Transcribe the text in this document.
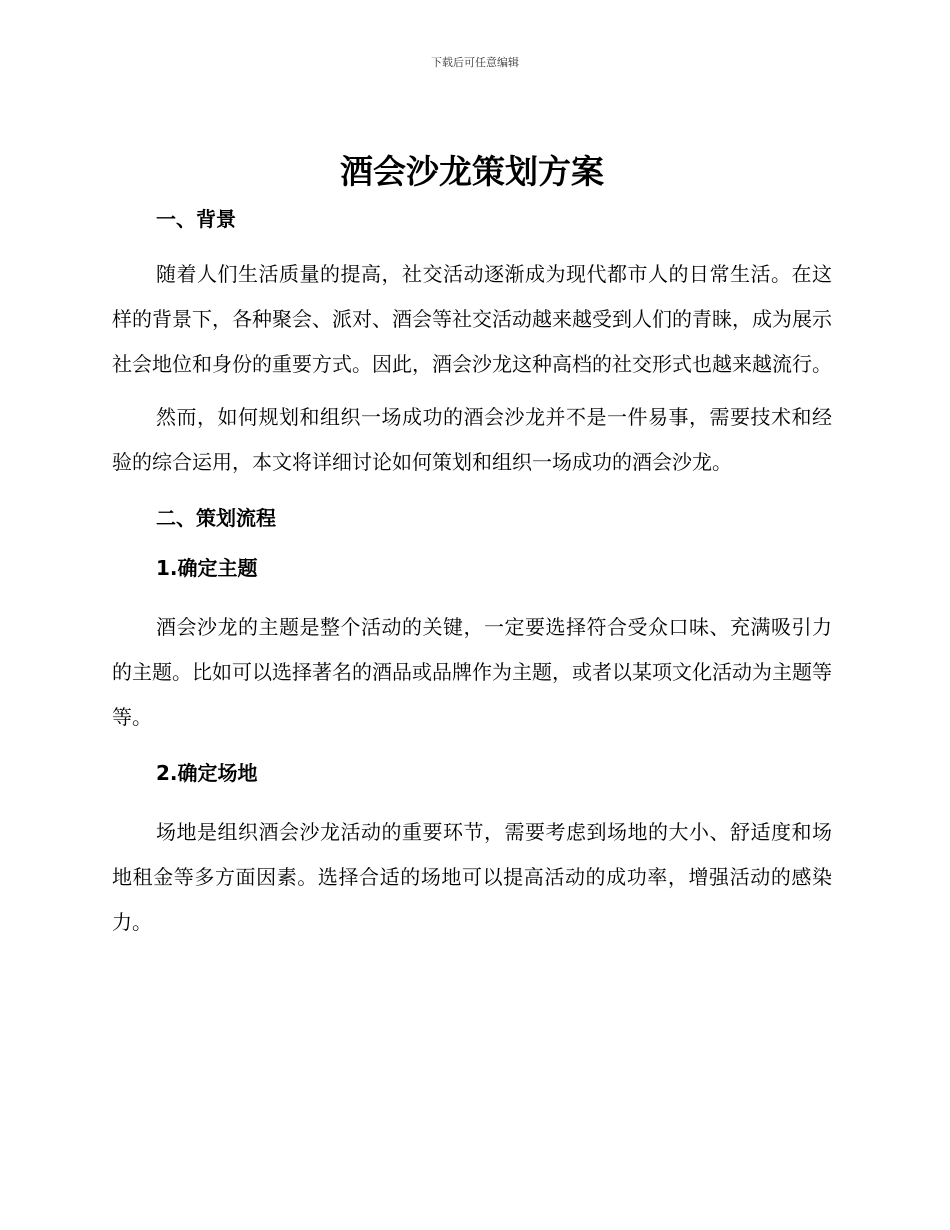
下载后可任意编辑
酒会沙龙策划方案
一、背景

随着人们生活质量的提高，社交活动逐渐成为现代都市人的日常生活。在这样的背景下，各种聚会、派对、酒会等社交活动越来越受到人们的青睐，成为展示社会地位和身份的重要方式。因此，酒会沙龙这种高档的社交形式也越来越流行。

然而，如何规划和组织一场成功的酒会沙龙并不是一件易事，需要技术和经验的综合运用，本文将详细讨论如何策划和组织一场成功的酒会沙龙。

二、策划流程
1.确定主题

酒会沙龙的主题是整个活动的关键，一定要选择符合受众口味、充满吸引力的主题。比如可以选择著名的酒品或品牌作为主题，或者以某项文化活动为主题等等。

2.确定场地

场地是组织酒会沙龙活动的重要环节，需要考虑到场地的大小、舒适度和场地租金等多方面因素。选择合适的场地可以提高活动的成功率，增强活动的感染力。
